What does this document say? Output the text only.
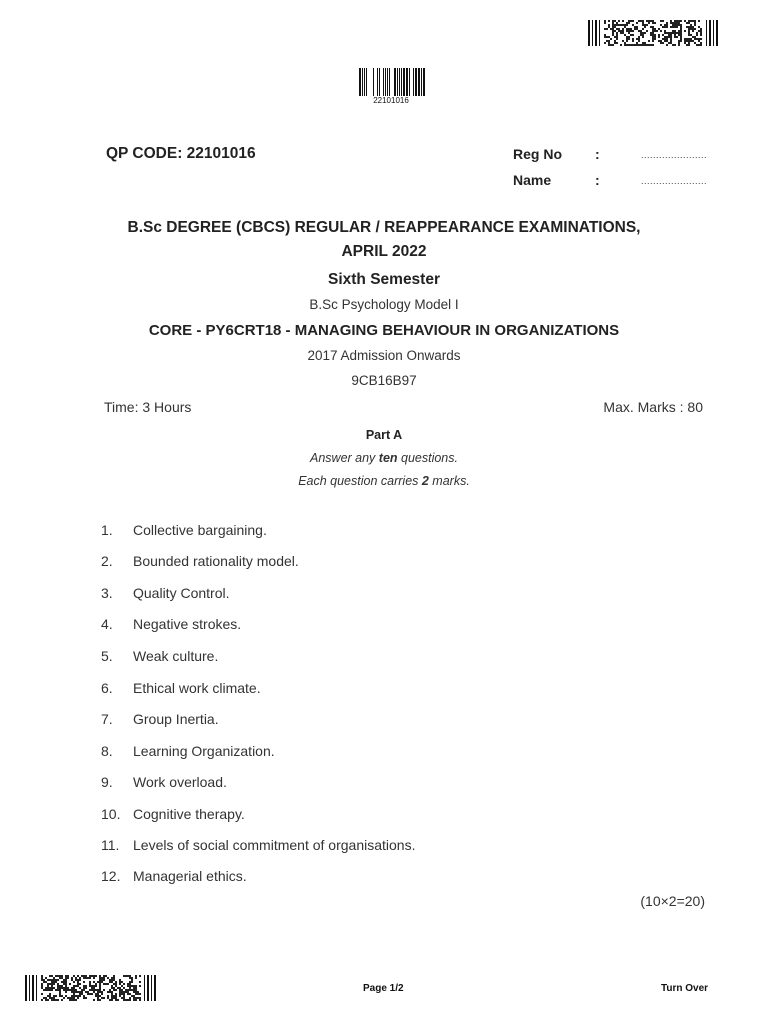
22101016
QP CODE: 22101016	Reg No :	......................
Name	:	......................
B.Sc DEGREE (CBCS) REGULAR / REAPPEARANCE EXAMINATIONS,
APRIL 2022
Sixth Semester
B.Sc Psychology Model I
CORE - PY6CRT18 - MANAGING BEHAVIOUR IN ORGANIZATIONS
2017 Admission Onwards
9CB16B97
Time: 3 Hours	Max. Marks : 80
Part A
Answer any ten questions.
Each question carries 2 marks.
1. Collective bargaining.
2. Bounded rationality model.
3. Quality Control.
4. Negative strokes.
5. Weak culture.
6. Ethical work climate.
7. Group Inertia.
8. Learning Organization.
9. Work overload.
10. Cognitive therapy.
11. Levels of social commitment of organisations.
12. Managerial ethics.
(10×2=20)
Page 1/2	Turn Over
